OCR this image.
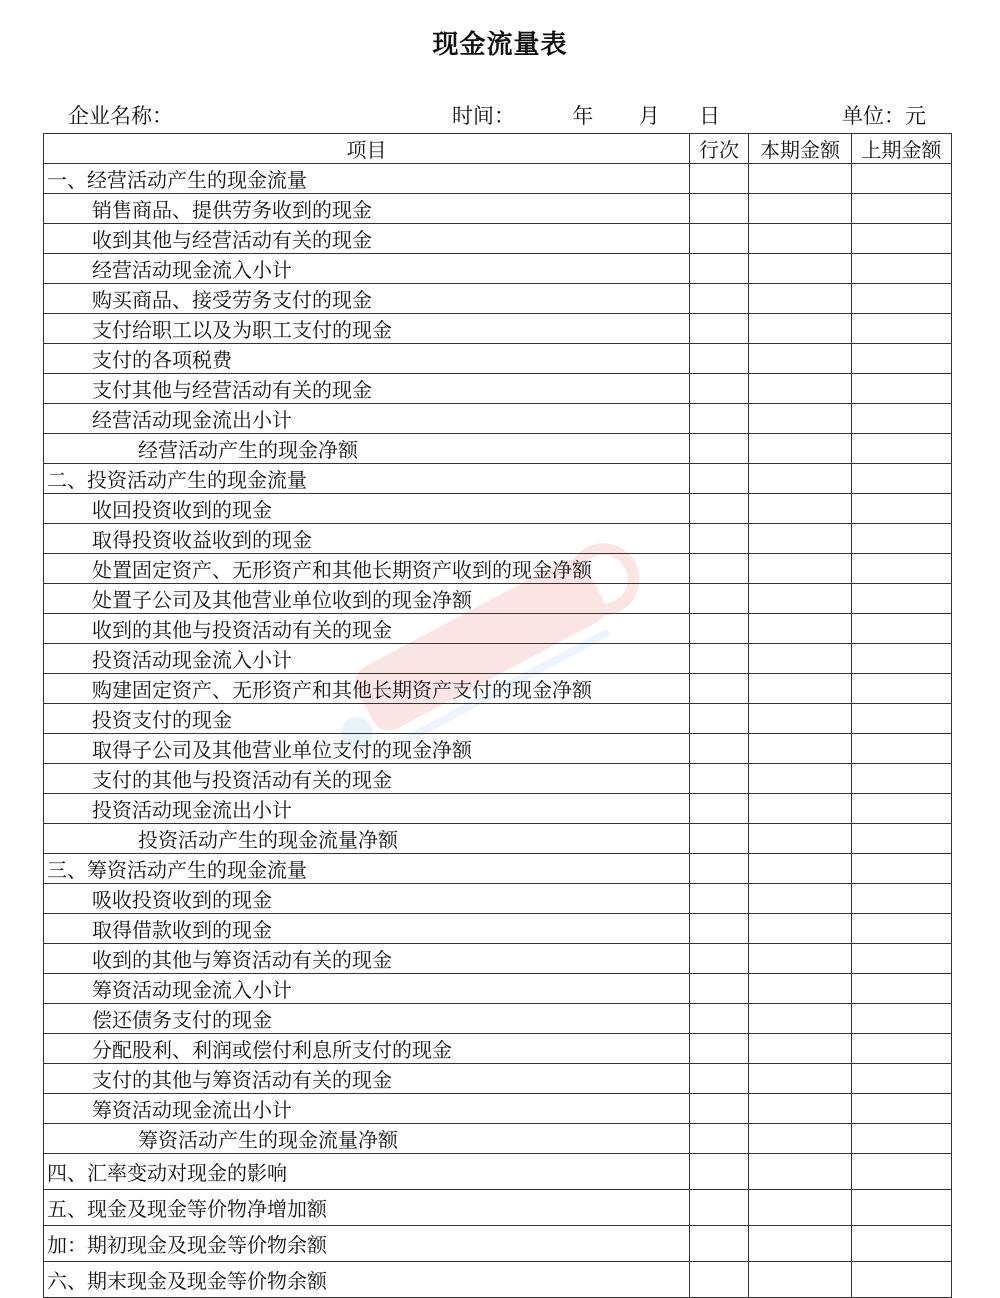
现金流量表
企业名称：	时间：	年 月 日	单位：元
项目	行次	本期金额	上期金额
一、经营活动产生的现金流量			
销售商品、提供劳务收到的现金			
收到其他与经营活动有关的现金			
经营活动现金流入小计			
购买商品、接受劳务支付的现金			
支付给职工以及为职工支付的现金			
支付的各项税费			
支付其他与经营活动有关的现金			
经营活动现金流出小计			
经营活动产生的现金净额			
二、投资活动产生的现金流量			
收回投资收到的现金			
取得投资收益收到的现金			
处置固定资产、无形资产和其他长期资产收到的现金净额			
处置子公司及其他营业单位收到的现金净额			
收到的其他与投资活动有关的现金			
投资活动现金流入小计			
购建固定资产、无形资产和其他长期资产支付的现金净额			
投资支付的现金			
取得子公司及其他营业单位支付的现金净额			
支付的其他与投资活动有关的现金			
投资活动现金流出小计			
投资活动产生的现金流量净额			
三、筹资活动产生的现金流量			
吸收投资收到的现金			
取得借款收到的现金			
收到的其他与筹资活动有关的现金			
筹资活动现金流入小计			
偿还债务支付的现金			
分配股利、利润或偿付利息所支付的现金			
支付的其他与筹资活动有关的现金			
筹资活动现金流出小计			
筹资活动产生的现金流量净额			
四、汇率变动对现金的影响			
五、现金及现金等价物净增加额			
加：期初现金及现金等价物余额			
六、期末现金及现金等价物余额			
